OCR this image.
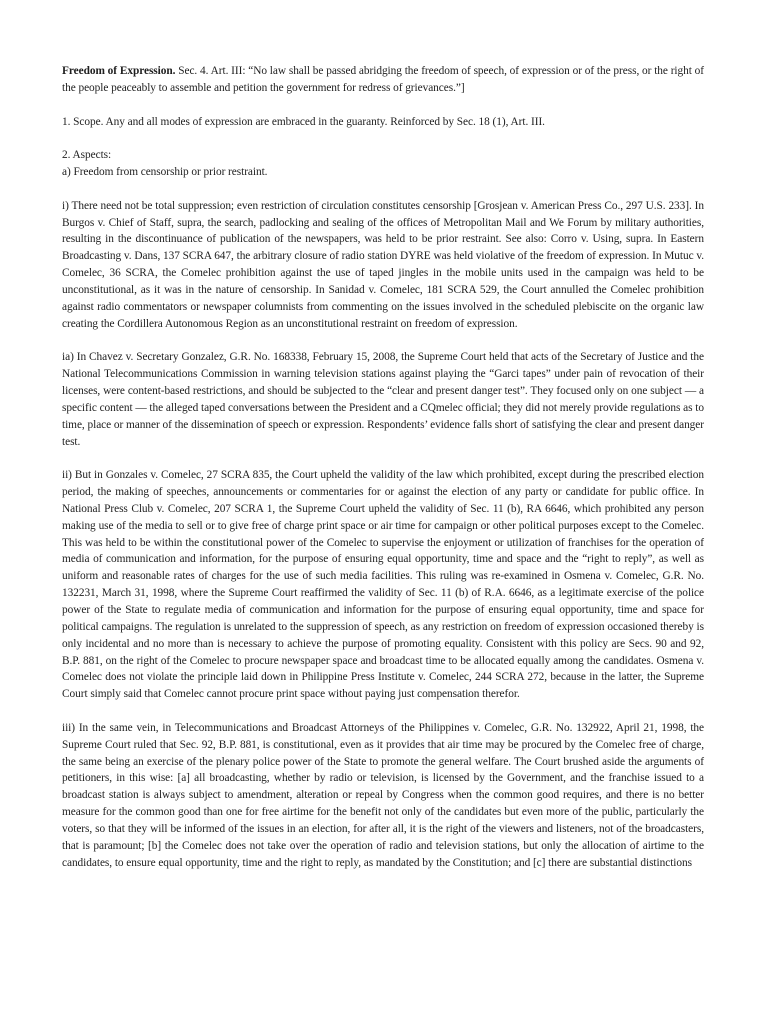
Freedom of Expression. Sec. 4. Art. III: “No law shall be passed abridging the freedom of speech, of expression or of the press, or the right of the people peaceably to assemble and petition the government for redress of grievances.”]

1. Scope. Any and all modes of expression are embraced in the guaranty. Reinforced by Sec. 18 (1), Art. III.

2. Aspects:
a) Freedom from censorship or prior restraint.

i) There need not be total suppression; even restriction of circulation constitutes censorship [Grosjean v. American Press Co., 297 U.S. 233]. In Burgos v. Chief of Staff, supra, the search, padlocking and sealing of the offices of Metropolitan Mail and We Forum by military authorities, resulting in the discontinuance of publication of the newspapers, was held to be prior restraint. See also: Corro v. Using, supra. In Eastern Broadcasting v. Dans, 137 SCRA 647, the arbitrary closure of radio station DYRE was held violative of the freedom of expression. In Mutuc v. Comelec, 36 SCRA, the Comelec prohibition against the use of taped jingles in the mobile units used in the campaign was held to be unconstitutional, as it was in the nature of censorship. In Sanidad v. Comelec, 181 SCRA 529, the Court annulled the Comelec prohibition against radio commentators or newspaper columnists from commenting on the issues involved in the scheduled plebiscite on the organic law creating the Cordillera Autonomous Region as an unconstitutional restraint on freedom of expression.

ia) In Chavez v. Secretary Gonzalez, G.R. No. 168338, February 15, 2008, the Supreme Court held that acts of the Secretary of Justice and the National Telecommunications Commission in warning television stations against playing the “Garci tapes” under pain of revocation of their licenses, were content-based restrictions, and should be subjected to the “clear and present danger test”. They focused only on one subject — a specific content — the alleged taped conversations between the President and a CQmelec official; they did not merely provide regulations as to time, place or manner of the dissemination of speech or expression. Respondents’ evidence falls short of satisfying the clear and present danger test.

ii) But in Gonzales v. Comelec, 27 SCRA 835, the Court upheld the validity of the law which prohibited, except during the prescribed election period, the making of speeches, announcements or commentaries for or against the election of any party or candidate for public office. In National Press Club v. Comelec, 207 SCRA 1, the Supreme Court upheld the validity of Sec. 11 (b), RA 6646, which prohibited any person making use of the media to sell or to give free of charge print space or air time for campaign or other political purposes except to the Comelec. This was held to be within the constitutional power of the Comelec to supervise the enjoyment or utilization of franchises for the operation of media of communication and information, for the purpose of ensuring equal opportunity, time and space and the “right to reply”, as well as uniform and reasonable rates of charges for the use of such media facilities. This ruling was re-examined in Osmena v. Comelec, G.R. No. 132231, March 31, 1998, where the Supreme Court reaffirmed the validity of Sec. 11 (b) of R.A. 6646, as a legitimate exercise of the police power of the State to regulate media of communication and information for the purpose of ensuring equal opportunity, time and space for political campaigns. The regulation is unrelated to the suppression of speech, as any restriction on freedom of expression occasioned thereby is only incidental and no more than is necessary to achieve the purpose of promoting equality. Consistent with this policy are Secs. 90 and 92, B.P. 881, on the right of the Comelec to procure newspaper space and broadcast time to be allocated equally among the candidates. Osmena v. Comelec does not violate the principle laid down in Philippine Press Institute v. Comelec, 244 SCRA 272, because in the latter, the Supreme Court simply said that Comelec cannot procure print space without paying just compensation therefor.

iii) In the same vein, in Telecommunications and Broadcast Attorneys of the Philippines v. Comelec, G.R. No. 132922, April 21, 1998, the Supreme Court ruled that Sec. 92, B.P. 881, is constitutional, even as it provides that air time may be procured by the Comelec free of charge, the same being an exercise of the plenary police power of the State to promote the general welfare. The Court brushed aside the arguments of petitioners, in this wise: [a] all broadcasting, whether by radio or television, is licensed by the Government, and the franchise issued to a broadcast station is always subject to amendment, alteration or repeal by Congress when the common good requires, and there is no better measure for the common good than one for free airtime for the benefit not only of the candidates but even more of the public, particularly the voters, so that they will be informed of the issues in an election, for after all, it is the right of the viewers and listeners, not of the broadcasters, that is paramount; [b] the Comelec does not take over the operation of radio and television stations, but only the allocation of airtime to the candidates, to ensure equal opportunity, time and the right to reply, as mandated by the Constitution; and [c] there are substantial distinctions
